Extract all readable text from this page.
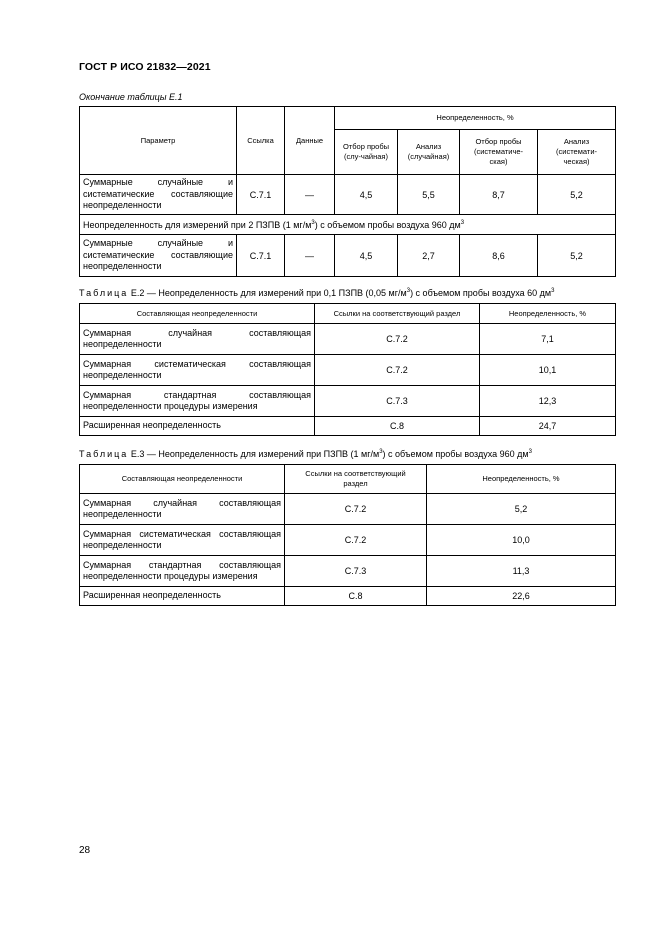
ГОСТ Р ИСО 21832—2021
Окончание таблицы Е.1
Параметр	Ссылка	Данные	Неопределенность, %			
			Отбор пробы (слу-чайная)	Анализ (случайная)	Отбор пробы (систематиче-ская)	Анализ (системати-ческая)
Суммарные случайные и систематические составляющие неопределенности	С.7.1	—	4,5	5,5	8,7	5,2
Неопределенность для измерений при 2 ПЗПВ (1 $мг/м^3$) с объемом пробы воздуха 960 $дм^3$
Суммарные случайные и систематические составляющие неопределенности	С.7.1	—	4,5	2,7	8,6	5,2
Таблица Е.2 — Неопределенность для измерений при 0,1 ПЗПВ (0,05 $мг/м^3$) с объемом пробы воздуха 60 $дм^3$
Составляющая неопределенности	Ссылки на соответствующий раздел	Неопределенность, %
Суммарная случайная составляющая неопределенности	С.7.2	7,1
Суммарная систематическая составляющая неопределенности	С.7.2	10,1
Суммарная стандартная составляющая неопределенности процедуры измерения	С.7.3	12,3
Расширенная неопределенность	С.8	24,7
Таблица Е.3 — Неопределенность для измерений при ПЗПВ (1 $мг/м^3$) с объемом пробы воздуха 960 $дм^3$
Составляющая неопределенности	Ссылки на соответствующий раздел	Неопределенность, %
Суммарная случайная составляющая неопределенности	С.7.2	5,2
Суммарная систематическая составляющая неопределенности	С.7.2	10,0
Суммарная стандартная составляющая неопределенности процедуры измерения	С.7.3	11,3
Расширенная неопределенность	С.8	22,6
28
